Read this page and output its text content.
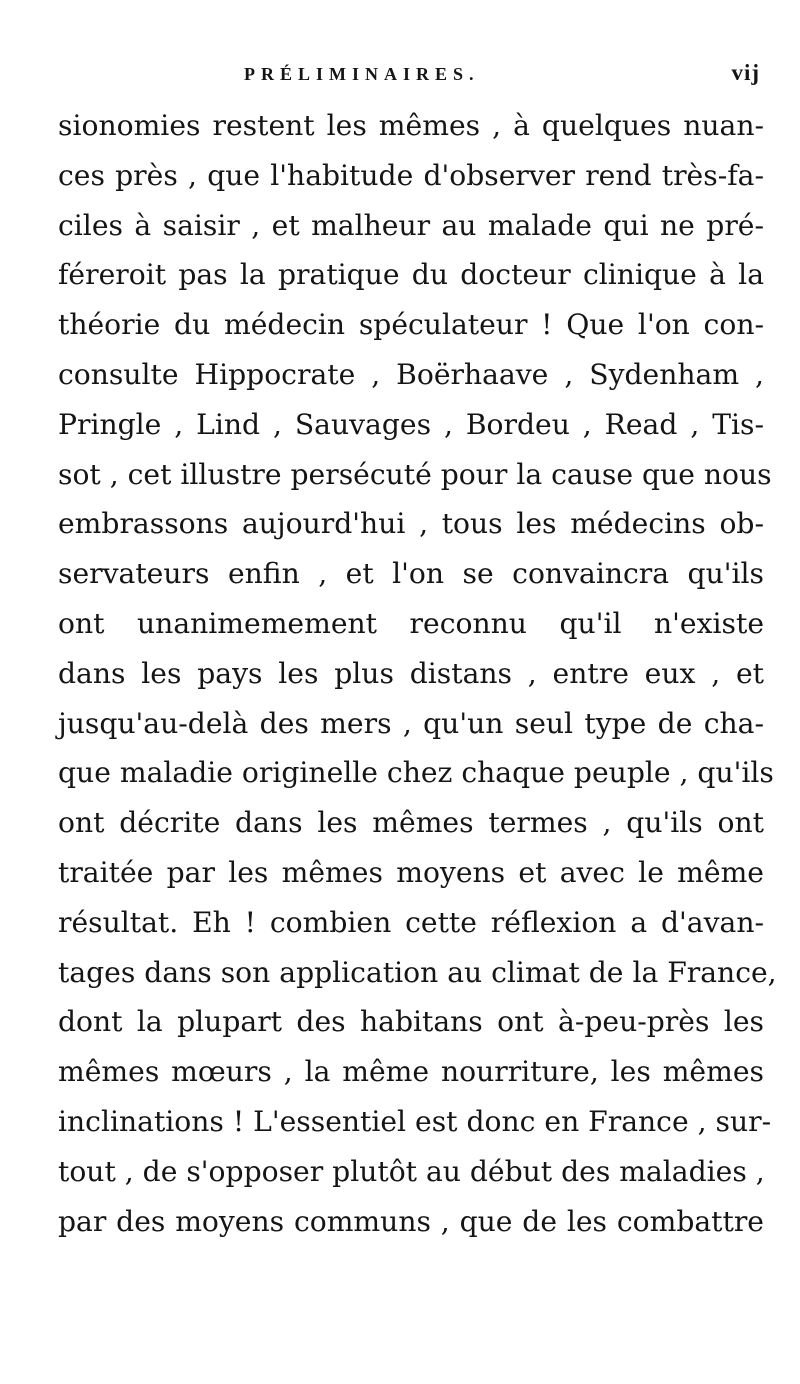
PRÉLIMINAIRES.	vij
sionomies restent les mêmes , à quelques nuan-
ces près , que l'habitude d'observer rend très-fa-
ciles à saisir , et malheur au malade qui ne pré-
féreroit pas la pratique du docteur clinique à la
théorie du médecin spéculateur ! Que l'on con-
consulte Hippocrate , Boërhaave , Sydenham ,
Pringle , Lind , Sauvages , Bordeu , Read , Tis-
sot , cet illustre persécuté pour la cause que nous
embrassons aujourd'hui , tous les médecins ob-
servateurs enfin , et l'on se convaincra qu'ils
ont unanimemement reconnu qu'il n'existe
dans les pays les plus distans , entre eux , et
jusqu'au-delà des mers , qu'un seul type de cha-
que maladie originelle chez chaque peuple , qu'ils
ont décrite dans les mêmes termes , qu'ils ont
traitée par les mêmes moyens et avec le même
résultat. Eh ! combien cette réflexion a d'avan-
tages dans son application au climat de la France,
dont la plupart des habitans ont à-peu-près les
mêmes mœurs , la même nourriture, les mêmes
inclinations ! L'essentiel est donc en France , sur-
tout , de s'opposer plutôt au début des maladies ,
par des moyens communs , que de les combattre
